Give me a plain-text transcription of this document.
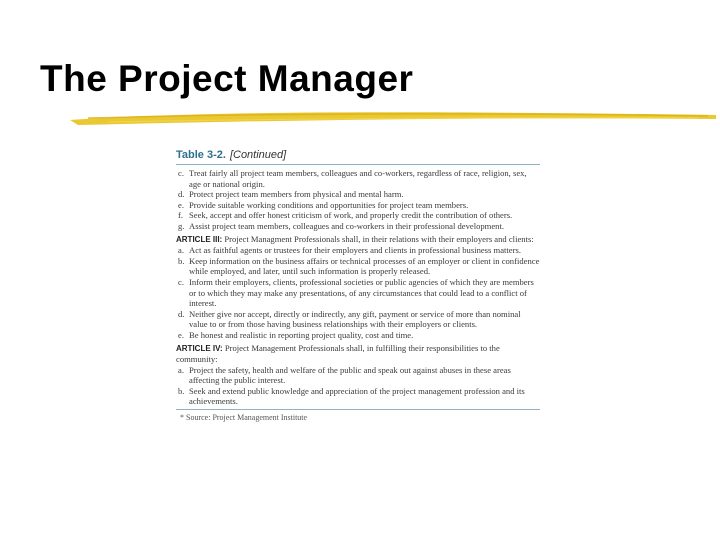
The Project Manager
Table 3-2. [Continued]
c. Treat fairly all project team members, colleagues and co-workers, regardless of race, religion, sex, age or national origin.
d. Protect project team members from physical and mental harm.
e. Provide suitable working conditions and opportunities for project team members.
f. Seek, accept and offer honest criticism of work, and properly credit the contribution of others.
g. Assist project team members, colleagues and co-workers in their professional development.
ARTICLE III: Project Managment Professionals shall, in their relations with their employers and clients:
a. Act as faithful agents or trustees for their employers and clients in professional business matters.
b. Keep information on the business affairs or technical processes of an employer or client in confidence while employed, and later, until such information is properly released.
c. Inform their employers, clients, professional societies or public agencies of which they are members or to which they may make any presentations, of any circumstances that could lead to a conflict of interest.
d. Neither give nor accept, directly or indirectly, any gift, payment or service of more than nominal value to or from those having business relationships with their employers or clients.
e. Be honest and realistic in reporting project quality, cost and time.
ARTICLE IV: Project Management Professionals shall, in fulfilling their responsibilities to the community:
a. Project the safety, health and welfare of the public and speak out against abuses in these areas affecting the public interest.
b. Seek and extend public knowledge and appreciation of the project management profession and its achievements.
* Source: Project Management Institute
